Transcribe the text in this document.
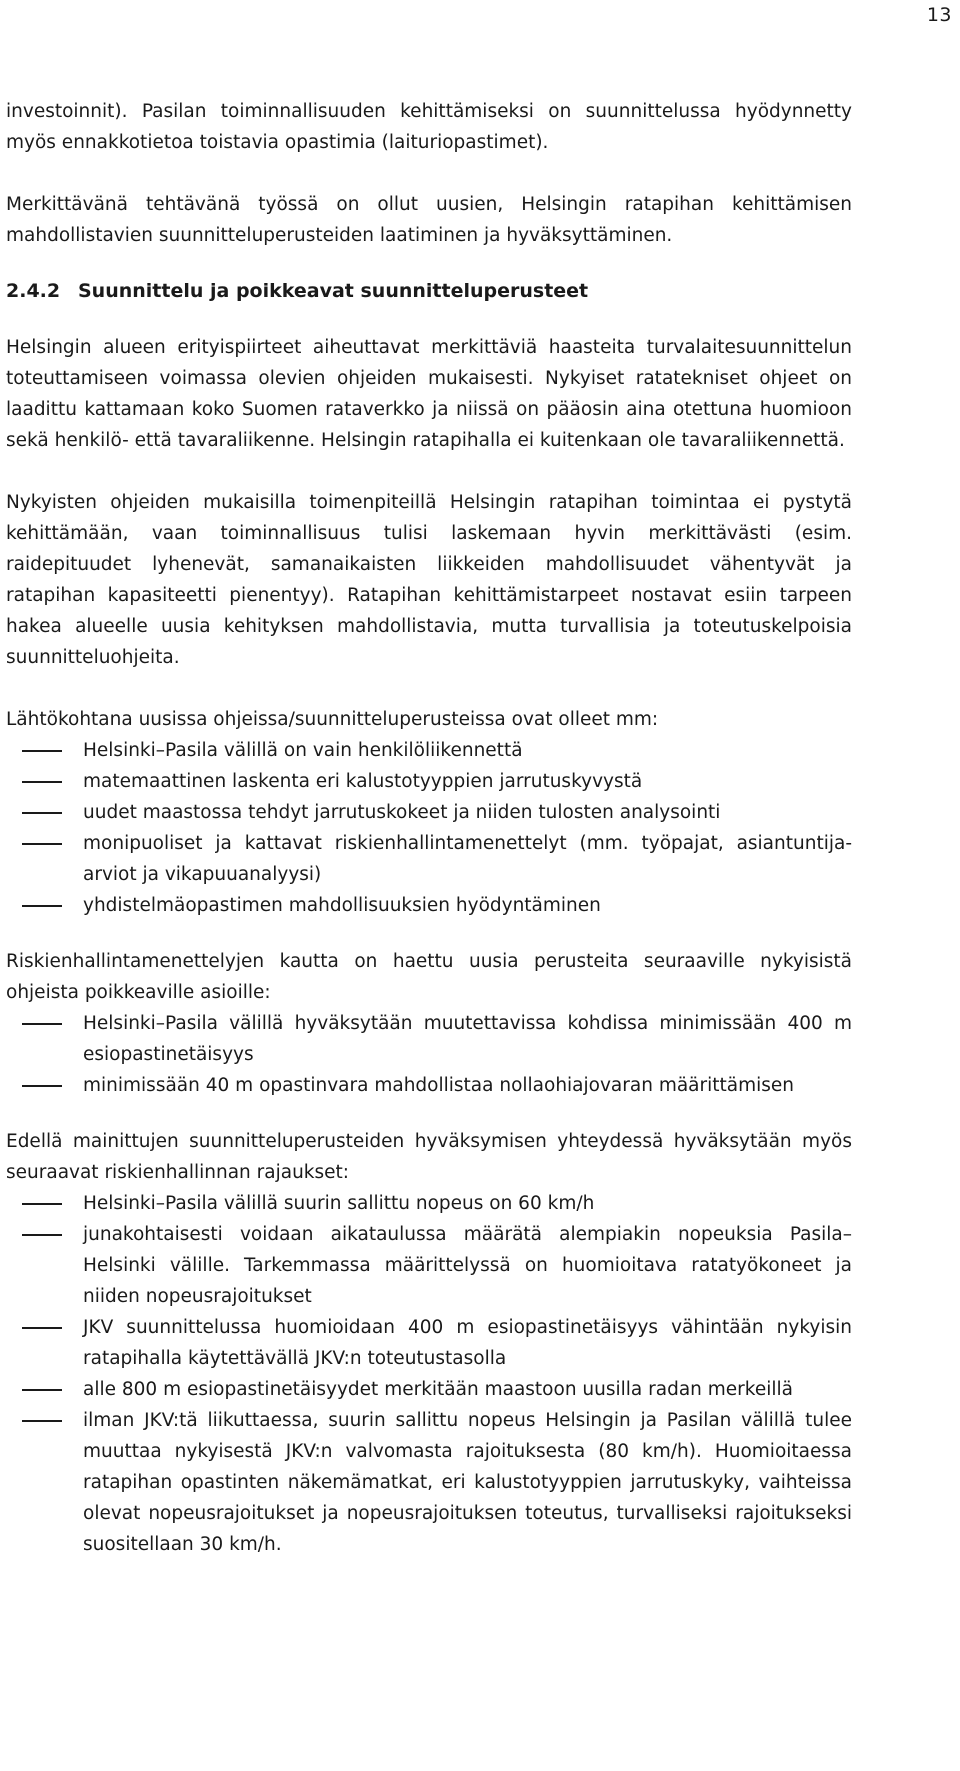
13

investoinnit). Pasilan toiminnallisuuden kehittämiseksi on suunnittelussa hyödynnetty myös ennakkotietoa toistavia opastimia (laituriopastimet).

Merkittävänä tehtävänä työssä on ollut uusien, Helsingin ratapihan kehittämisen mahdollistavien suunnitteluperusteiden laatiminen ja hyväksyttäminen.

2.4.2 Suunnittelu ja poikkeavat suunnitteluperusteet

Helsingin alueen erityispiirteet aiheuttavat merkittäviä haasteita turvalaitesuunnittelun toteuttamiseen voimassa olevien ohjeiden mukaisesti. Nykyiset ratatekniset ohjeet on laadittu kattamaan koko Suomen rataverkko ja niissä on pääosin aina otettuna huomioon sekä henkilö- että tavaraliikenne. Helsingin ratapihalla ei kuitenkaan ole tavaraliikennettä.

Nykyisten ohjeiden mukaisilla toimenpiteillä Helsingin ratapihan toimintaa ei pystytä kehittämään, vaan toiminnallisuus tulisi laskemaan hyvin merkittävästi (esim. raidepituudet lyhenevät, samanaikaisten liikkeiden mahdollisuudet vähentyvät ja ratapihan kapasiteetti pienentyy). Ratapihan kehittämistarpeet nostavat esiin tarpeen hakea alueelle uusia kehityksen mahdollistavia, mutta turvallisia ja toteutuskelpoisia suunnitteluohjeita.

Lähtökohtana uusissa ohjeissa/suunnitteluperusteissa ovat olleet mm:

Helsinki–Pasila välillä on vain henkilöliikennettä
matemaattinen laskenta eri kalustotyyppien jarrutuskyvystä
uudet maastossa tehdyt jarrutuskokeet ja niiden tulosten analysointi
monipuoliset ja kattavat riskienhallintamenettelyt (mm. työpajat, asiantuntija-arviot ja vikapuuanalyysi)
yhdistelmäopastimen mahdollisuuksien hyödyntäminen

Riskienhallintamenettelyjen kautta on haettu uusia perusteita seuraaville nykyisistä ohjeista poikkeaville asioille:

Helsinki–Pasila välillä hyväksytään muutettavissa kohdissa minimissään 400 m esiopastinetäisyys
minimissään 40 m opastinvara mahdollistaa nollaohiajovaran määrittämisen

Edellä mainittujen suunnitteluperusteiden hyväksymisen yhteydessä hyväksytään myös seuraavat riskienhallinnan rajaukset:

Helsinki–Pasila välillä suurin sallittu nopeus on 60 km/h
junakohtaisesti voidaan aikataulussa määrätä alempiakin nopeuksia Pasila–Helsinki välille. Tarkemmassa määrittelyssä on huomioitava ratatyökoneet ja niiden nopeusrajoitukset
JKV suunnittelussa huomioidaan 400 m esiopastinetäisyys vähintään nykyisin ratapihalla käytettävällä JKV:n toteutustasolla
alle 800 m esiopastinetäisyydet merkitään maastoon uusilla radan merkeillä
ilman JKV:tä liikuttaessa, suurin sallittu nopeus Helsingin ja Pasilan välillä tulee muuttaa nykyisestä JKV:n valvomasta rajoituksesta (80 km/h). Huomioitaessa ratapihan opastinten näkemämatkat, eri kalustotyyppien jarrutuskyky, vaihteissa olevat nopeusrajoitukset ja nopeusrajoituksen toteutus, turvalliseksi rajoitukseksi suositellaan 30 km/h.
